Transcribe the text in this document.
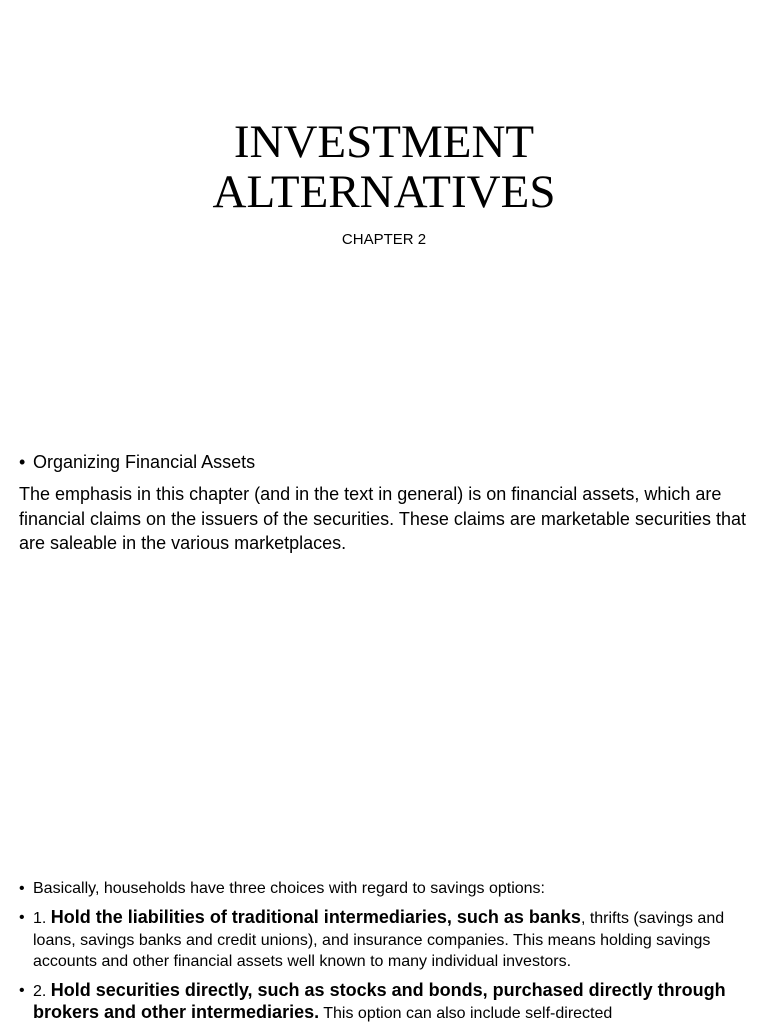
INVESTMENT
ALTERNATIVES
CHAPTER 2
• Organizing Financial Assets

The emphasis in this chapter (and in the text in general) is on financial assets, which are financial claims on the issuers of the securities. These claims are marketable securities that are saleable in the various marketplaces.

• Basically, households have three choices with regard to savings options:
• 1. Hold the liabilities of traditional intermediaries, such as banks, thrifts (savings and loans, savings banks and credit unions), and insurance companies. This means holding savings accounts and other financial assets well known to many individual investors.
• 2. Hold securities directly, such as stocks and bonds, purchased directly through brokers and other intermediaries. This option can also include self-directed
